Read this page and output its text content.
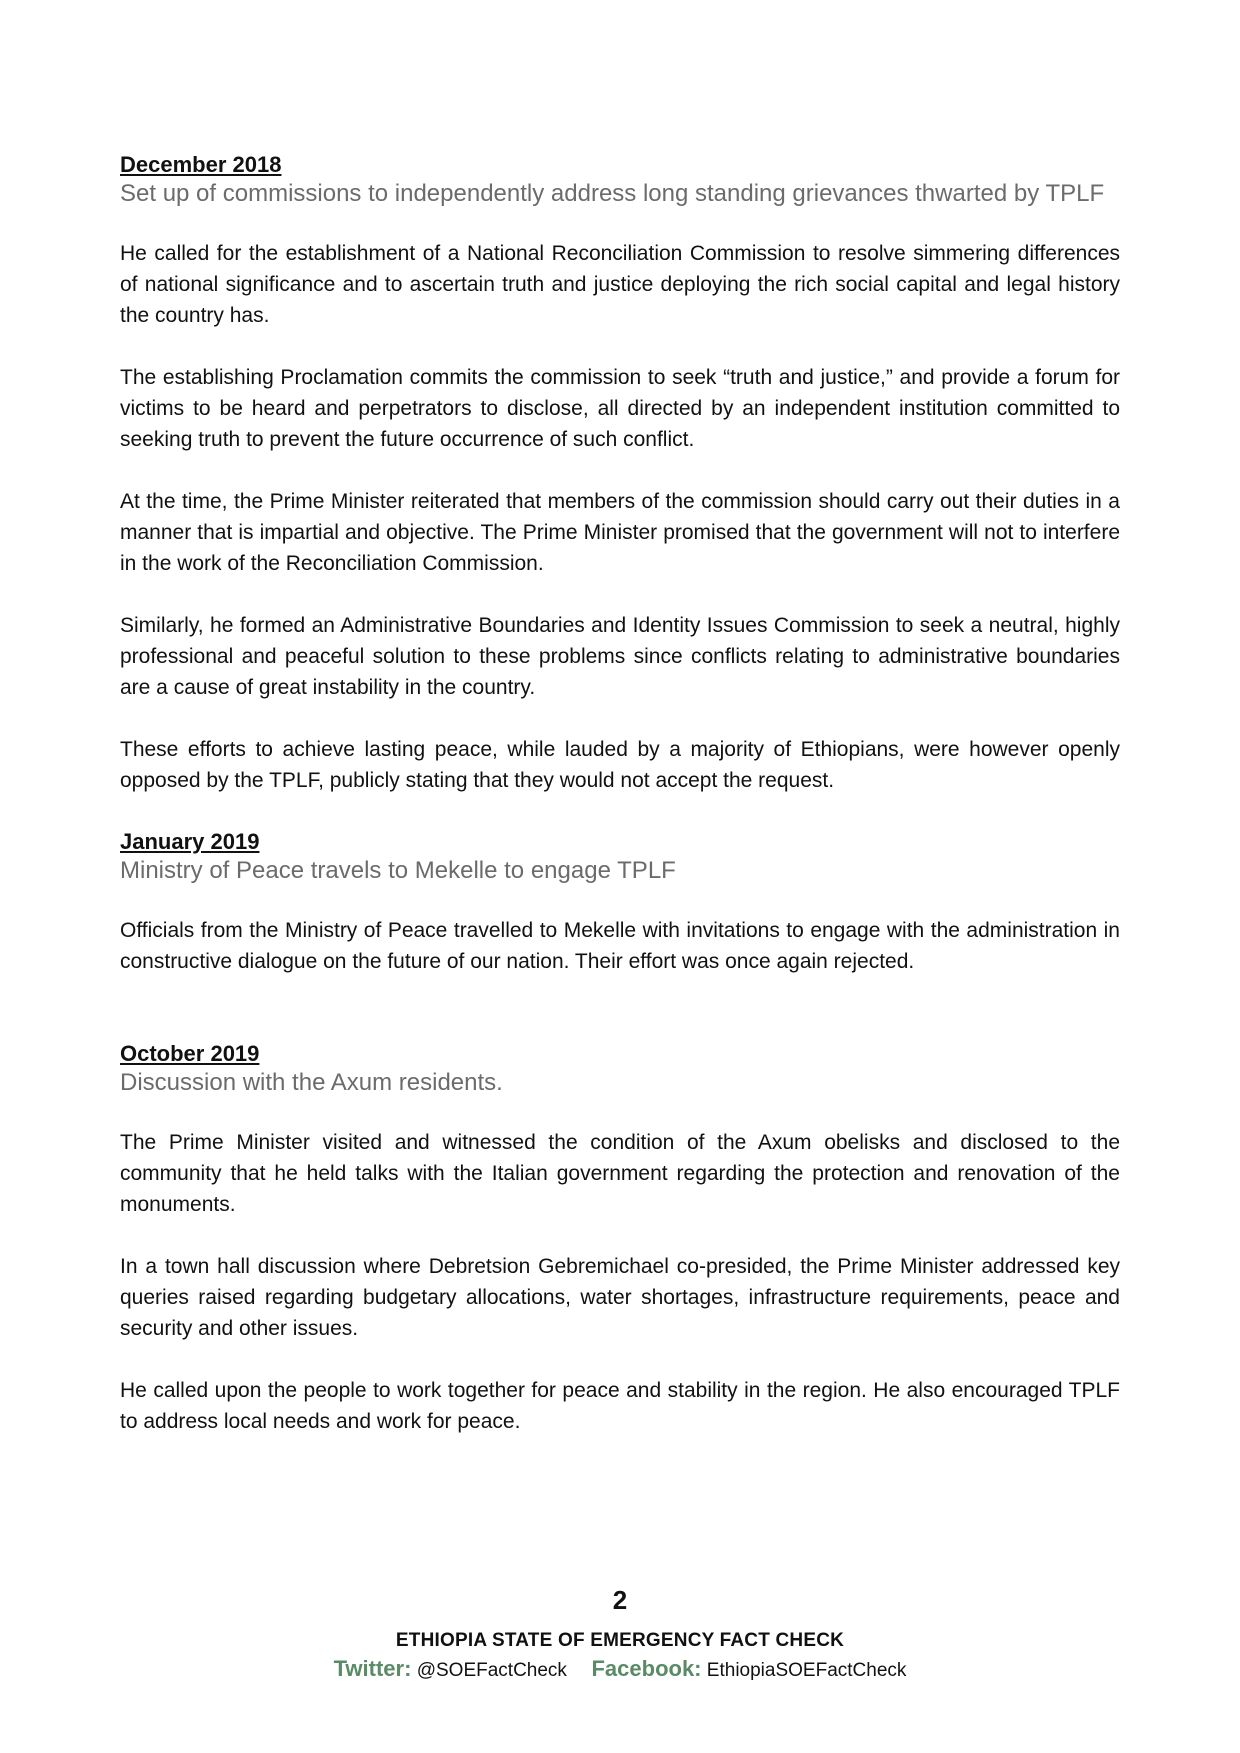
December 2018

Set up of commissions to independently address long standing grievances thwarted by TPLF

He called for the establishment of a National Reconciliation Commission to resolve simmering differences of national significance and to ascertain truth and justice deploying the rich social capital and legal history the country has.

The establishing Proclamation commits the commission to seek “truth and justice,” and provide a forum for victims to be heard and perpetrators to disclose, all directed by an independent institution committed to seeking truth to prevent the future occurrence of such conflict.

At the time, the Prime Minister reiterated that members of the commission should carry out their duties in a manner that is impartial and objective. The Prime Minister promised that the government will not to interfere in the work of the Reconciliation Commission.

Similarly, he formed an Administrative Boundaries and Identity Issues Commission to seek a neutral, highly professional and peaceful solution to these problems since conflicts relating to administrative boundaries are a cause of great instability in the country.

These efforts to achieve lasting peace, while lauded by a majority of Ethiopians, were however openly opposed by the TPLF, publicly stating that they would not accept the request.

January 2019

Ministry of Peace travels to Mekelle to engage TPLF

Officials from the Ministry of Peace travelled to Mekelle with invitations to engage with the administration in constructive dialogue on the future of our nation. Their effort was once again rejected.

October 2019

Discussion with the Axum residents.

The Prime Minister visited and witnessed the condition of the Axum obelisks and disclosed to the community that he held talks with the Italian government regarding the protection and renovation of the monuments.

In a town hall discussion where Debretsion Gebremichael co-presided, the Prime Minister addressed key queries raised regarding budgetary allocations, water shortages, infrastructure requirements, peace and security and other issues.

He called upon the people to work together for peace and stability in the region. He also encouraged TPLF to address local needs and work for peace.

2

ETHIOPIA STATE OF EMERGENCY FACT CHECK

Twitter: @SOEFactCheck Facebook: EthiopiaSOEFactCheck
